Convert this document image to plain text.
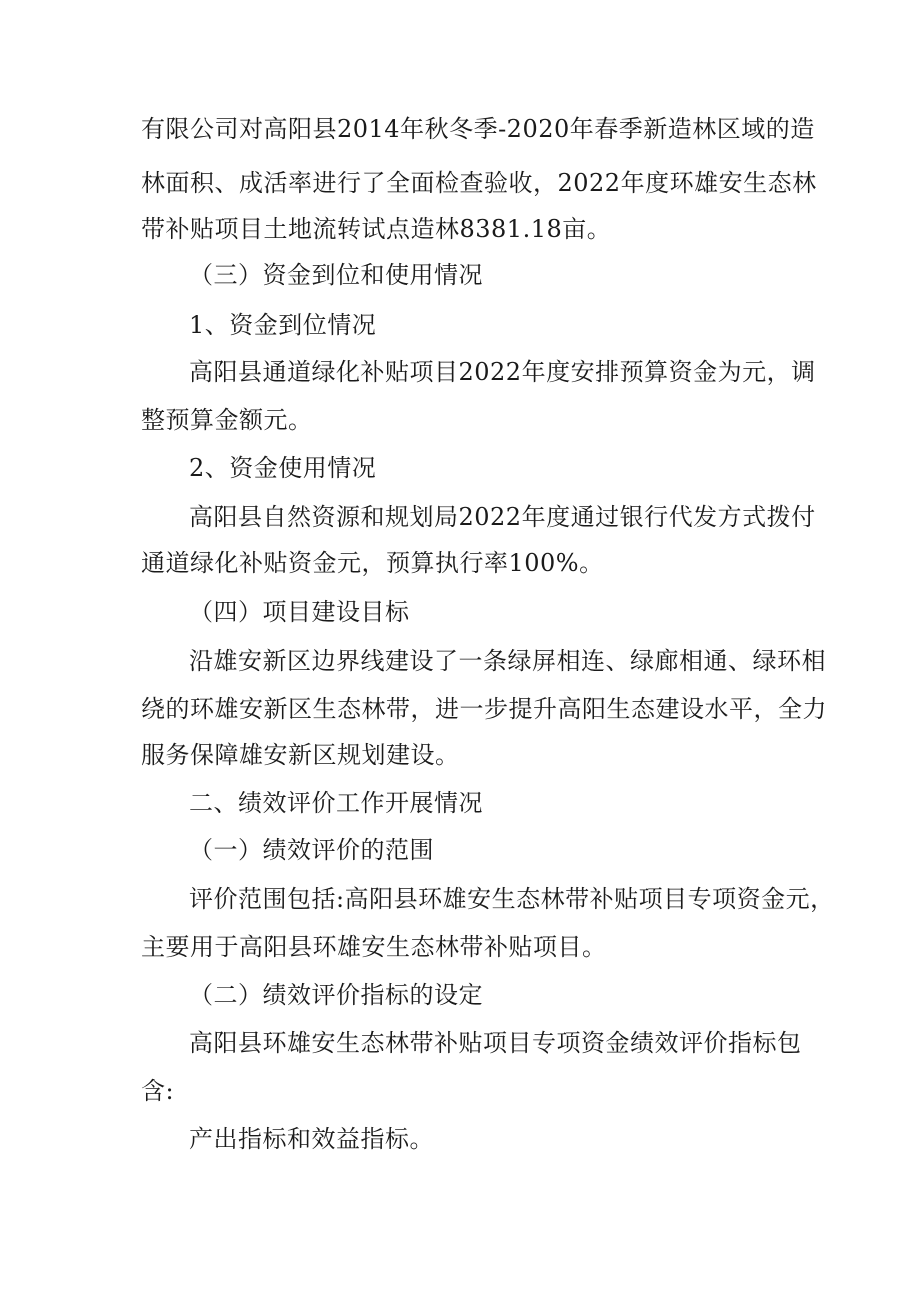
有限公司对高阳县2014年秋冬季-2020年春季新造林区域的造
林面积、成活率进行了全面检查验收，2022年度环雄安生态林
带补贴项目土地流转试点造林8381.18亩。
（三）资金到位和使用情况
1、资金到位情况
高阳县通道绿化补贴项目2022年度安排预算资金为元，调
整预算金额元。
2、资金使用情况
高阳县自然资源和规划局2022年度通过银行代发方式拨付
通道绿化补贴资金元，预算执行率100%。
（四）项目建设目标
沿雄安新区边界线建设了一条绿屏相连、绿廊相通、绿环相
绕的环雄安新区生态林带，进一步提升高阳生态建设水平，全力
服务保障雄安新区规划建设。
二、绩效评价工作开展情况
（一）绩效评价的范围
评价范围包括:高阳县环雄安生态林带补贴项目专项资金元，
主要用于高阳县环雄安生态林带补贴项目。
（二）绩效评价指标的设定
高阳县环雄安生态林带补贴项目专项资金绩效评价指标包
含:
产出指标和效益指标。
